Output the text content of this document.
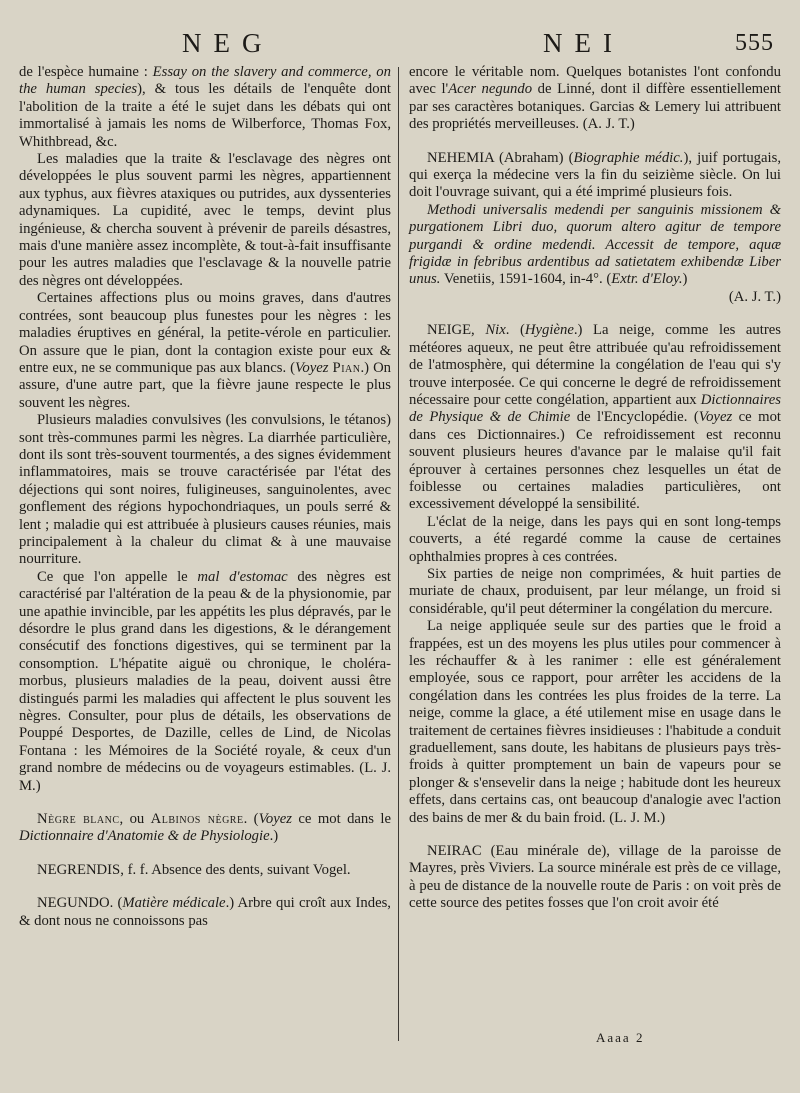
NEG	NEI	555

de l'espèce humaine : Essay on the slavery and commerce, on the human species), & tous les détails de l'enquête dont l'abolition de la traite a été le sujet dans les débats qui ont immortalisé à jamais les noms de Wilberforce, Thomas Fox, Whithbread, &c.

Les maladies que la traite & l'esclavage des nègres ont développées le plus souvent parmi les nègres, appartiennent aux typhus, aux fièvres ataxiques ou putrides, aux dyssenteries adynamiques. La cupidité, avec le temps, devint plus ingénieuse, & chercha souvent à prévenir de pareils désastres, mais d'une manière assez incomplète, & tout-à-fait insuffisante pour les autres maladies que l'esclavage & la nouvelle patrie des nègres ont développées.

Certaines affections plus ou moins graves, dans d'autres contrées, sont beaucoup plus funestes pour les nègres : les maladies éruptives en général, la petite-vérole en particulier. On assure que le pian, dont la contagion existe pour eux & entre eux, ne se communique pas aux blancs. (Voyez Pian.) On assure, d'une autre part, que la fièvre jaune respecte le plus souvent les nègres.

Plusieurs maladies convulsives (les convulsions, le tétanos) sont très-communes parmi les nègres. La diarrhée particulière, dont ils sont très-souvent tourmentés, a des signes évidemment inflammatoires, mais se trouve caractérisée par l'état des déjections qui sont noires, fuligineuses, sanguinolentes, avec gonflement des régions hypochondriaques, un pouls serré & lent ; maladie qui est attribuée à plusieurs causes réunies, mais principalement à la chaleur du climat & à une mauvaise nourriture.

Ce que l'on appelle le mal d'estomac des nègres est caractérisé par l'altération de la peau & de la physionomie, par une apathie invincible, par les appétits les plus dépravés, par le désordre le plus grand dans les digestions, & le dérangement consécutif des fonctions digestives, qui se terminent par la consomption. L'hépatite aiguë ou chronique, le choléra-morbus, plusieurs maladies de la peau, doivent aussi être distingués parmi les maladies qui affectent le plus souvent les nègres. Consulter, pour plus de détails, les observations de Pouppé Desportes, de Dazille, celles de Lind, de Nicolas Fontana : les Mémoires de la Société royale, & ceux d'un grand nombre de médecins ou de voyageurs estimables. (L. J. M.)

Nègre blanc, ou Albinos nègre. (Voyez ce mot dans le Dictionnaire d'Anatomie & de Physiologie.)

NEGRENDIS, f. f. Absence des dents, suivant Vogel.

NEGUNDO. (Matière médicale.) Arbre qui croît aux Indes, & dont nous ne connoissons pas

encore le véritable nom. Quelques botanistes l'ont confondu avec l'Acer negundo de Linné, dont il diffère essentiellement par ses caractères botaniques. Garcias & Lemery lui attribuent des propriétés merveilleuses. (A. J. T.)

NEHEMIA (Abraham) (Biographie médic.), juif portugais, qui exerça la médecine vers la fin du seizième siècle. On lui doit l'ouvrage suivant, qui a été imprimé plusieurs fois.

Methodi universalis medendi per sanguinis missionem & purgationem Libri duo, quorum altero agitur de tempore purgandi & ordine medendi. Accessit de tempore, aquæ frigidæ in febribus ardentibus ad satietatem exhibendæ Liber unus. Venetiis, 1591-1604, in-4°. (Extr. d'Eloy.)

(A. J. T.)

NEIGE, Nix. (Hygiène.) La neige, comme les autres météores aqueux, ne peut être attribuée qu'au refroidissement de l'atmosphère, qui détermine la congélation de l'eau qui s'y trouve interposée. Ce qui concerne le degré de refroidissement nécessaire pour cette congélation, appartient aux Dictionnaires de Physique & de Chimie de l'Encyclopédie. (Voyez ce mot dans ces Dictionnaires.) Ce refroidissement est reconnu souvent plusieurs heures d'avance par le malaise qu'il fait éprouver à certaines personnes chez lesquelles un état de foiblesse ou certaines maladies particulières, ont excessivement développé la sensibilité.

L'éclat de la neige, dans les pays qui en sont long-temps couverts, a été regardé comme la cause de certaines ophthalmies propres à ces contrées.

Six parties de neige non comprimées, & huit parties de muriate de chaux, produisent, par leur mélange, un froid si considérable, qu'il peut déterminer la congélation du mercure.

La neige appliquée seule sur des parties que le froid a frappées, est un des moyens les plus utiles pour commencer à les réchauffer & à les ranimer : elle est généralement employée, sous ce rapport, pour arrêter les accidens de la congélation dans les contrées les plus froides de la terre. La neige, comme la glace, a été utilement mise en usage dans le traitement de certaines fièvres insidieuses : l'habitude a conduit graduellement, sans doute, les habitans de plusieurs pays très-froids à quitter promptement un bain de vapeurs pour se plonger & s'ensevelir dans la neige ; habitude dont les heureux effets, dans certains cas, ont beaucoup d'analogie avec l'action des bains de mer & du bain froid. (L. J. M.)

NEIRAC (Eau minérale de), village de la paroisse de Mayres, près Viviers. La source minérale est près de ce village, à peu de distance de la nouvelle route de Paris : on voit près de cette source des petites fosses que l'on croit avoir été

Aaaa 2
